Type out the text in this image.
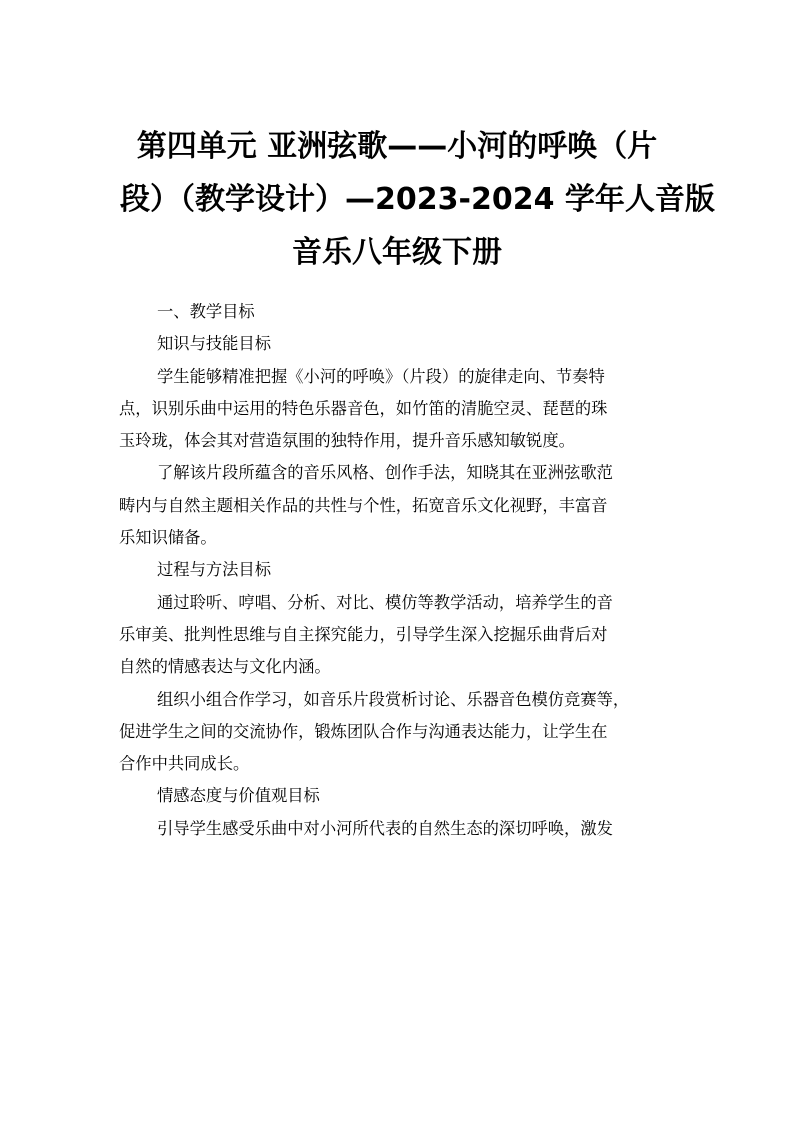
第四单元 亚洲弦歌——小河的呼唤（片
段）（教学设计）—2023-2024 学年人音版
音乐八年级下册

一、教学目标

知识与技能目标

学生能够精准把握《小河的呼唤》（片段）的旋律走向、节奏特
点，识别乐曲中运用的特色乐器音色，如竹笛的清脆空灵、琵琶的珠
玉玲珑，体会其对营造氛围的独特作用，提升音乐感知敏锐度。

了解该片段所蕴含的音乐风格、创作手法，知晓其在亚洲弦歌范
畴内与自然主题相关作品的共性与个性，拓宽音乐文化视野，丰富音
乐知识储备。

过程与方法目标

通过聆听、哼唱、分析、对比、模仿等教学活动，培养学生的音
乐审美、批判性思维与自主探究能力，引导学生深入挖掘乐曲背后对
自然的情感表达与文化内涵。

组织小组合作学习，如音乐片段赏析讨论、乐器音色模仿竞赛等，
促进学生之间的交流协作，锻炼团队合作与沟通表达能力，让学生在
合作中共同成长。

情感态度与价值观目标

引导学生感受乐曲中对小河所代表的自然生态的深切呼唤，激发
